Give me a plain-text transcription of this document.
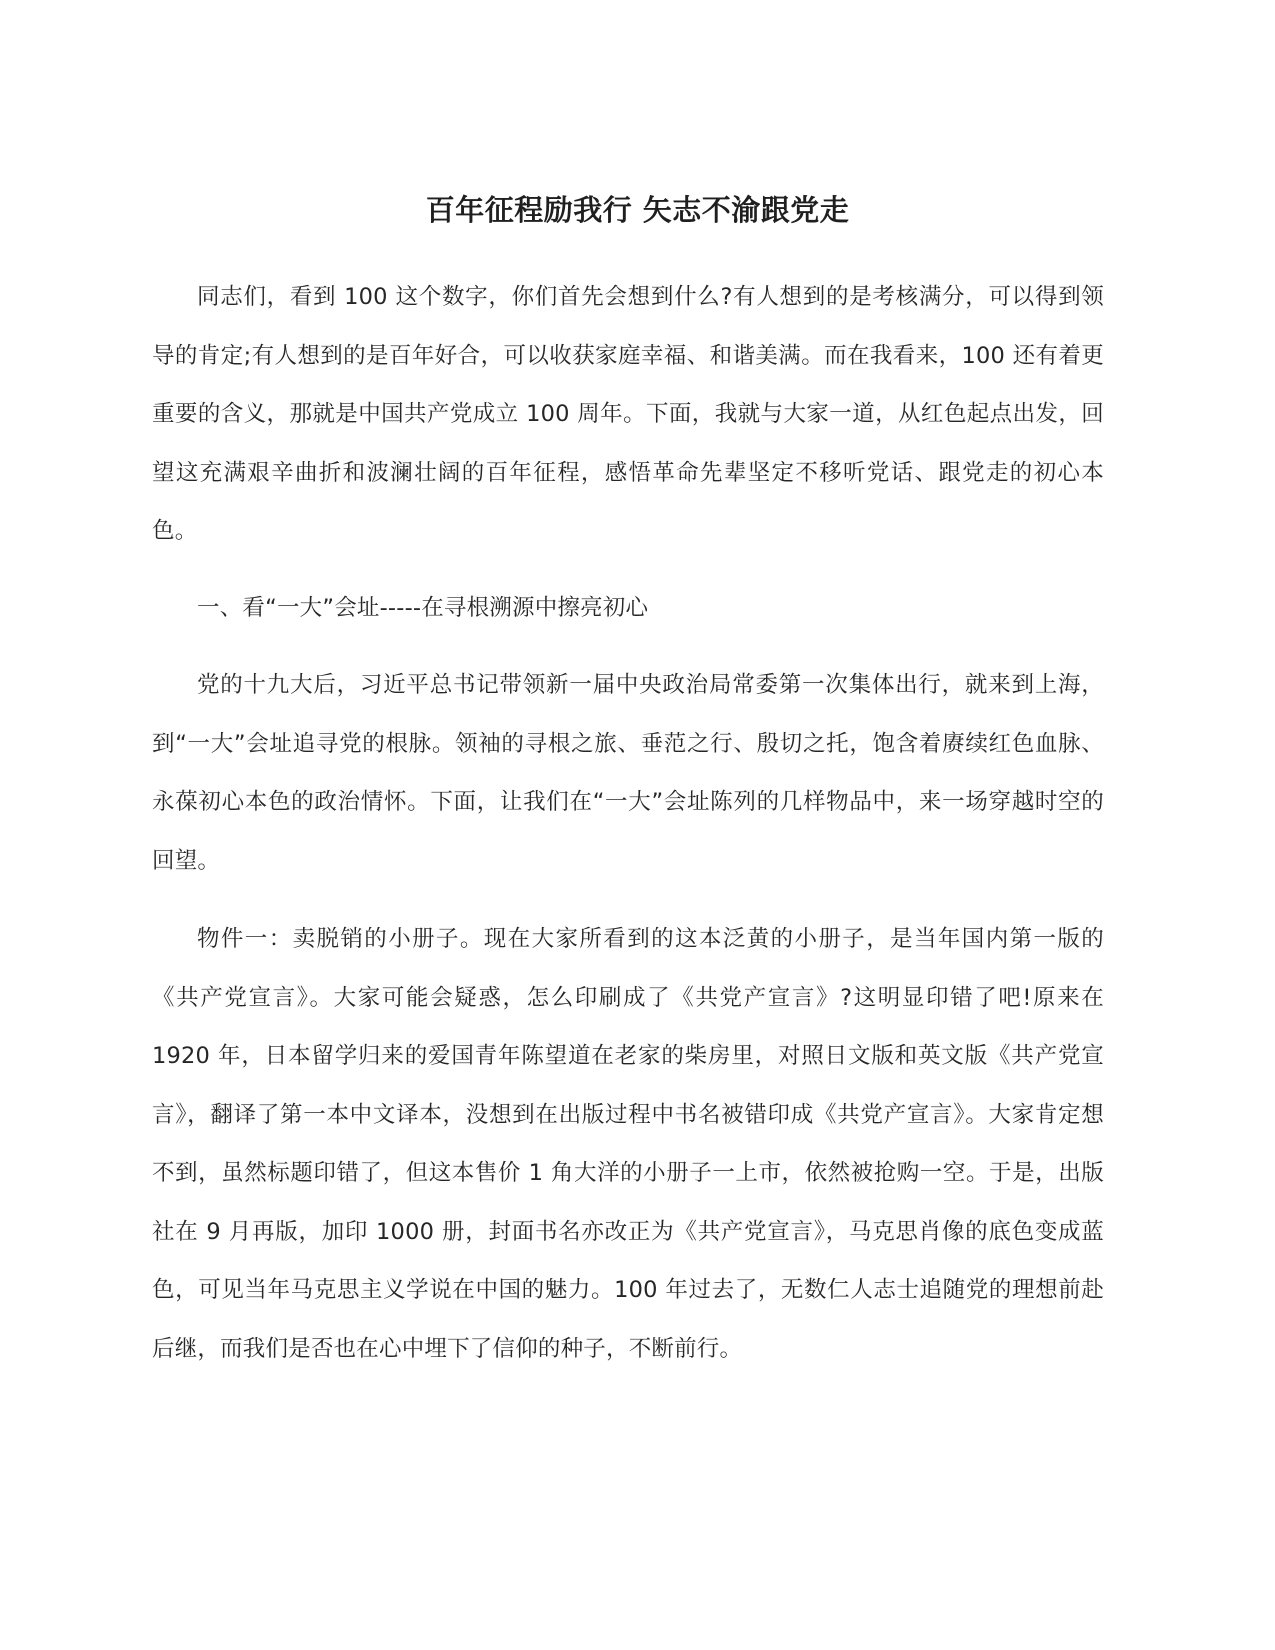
百年征程励我行 矢志不渝跟党走

同志们，看到 100 这个数字，你们首先会想到什么?有人想到的是考核满分，可以得到领导的肯定;有人想到的是百年好合，可以收获家庭幸福、和谐美满。而在我看来，100 还有着更重要的含义，那就是中国共产党成立 100 周年。下面，我就与大家一道，从红色起点出发，回望这充满艰辛曲折和波澜壮阔的百年征程，感悟革命先辈坚定不移听党话、跟党走的初心本色。

一、看“一大”会址-----在寻根溯源中擦亮初心

党的十九大后，习近平总书记带领新一届中央政治局常委第一次集体出行，就来到上海，到“一大”会址追寻党的根脉。领袖的寻根之旅、垂范之行、殷切之托，饱含着赓续红色血脉、永葆初心本色的政治情怀。下面，让我们在“一大”会址陈列的几样物品中，来一场穿越时空的回望。

物件一：卖脱销的小册子。现在大家所看到的这本泛黄的小册子，是当年国内第一版的《共产党宣言》。大家可能会疑惑，怎么印刷成了《共党产宣言》?这明显印错了吧!原来在 1920 年，日本留学归来的爱国青年陈望道在老家的柴房里，对照日文版和英文版《共产党宣言》，翻译了第一本中文译本，没想到在出版过程中书名被错印成《共党产宣言》。大家肯定想不到，虽然标题印错了，但这本售价 1 角大洋的小册子一上市，依然被抢购一空。于是，出版社在 9 月再版，加印 1000 册，封面书名亦改正为《共产党宣言》，马克思肖像的底色变成蓝色，可见当年马克思主义学说在中国的魅力。100 年过去了，无数仁人志士追随党的理想前赴后继，而我们是否也在心中埋下了信仰的种子，不断前行。
